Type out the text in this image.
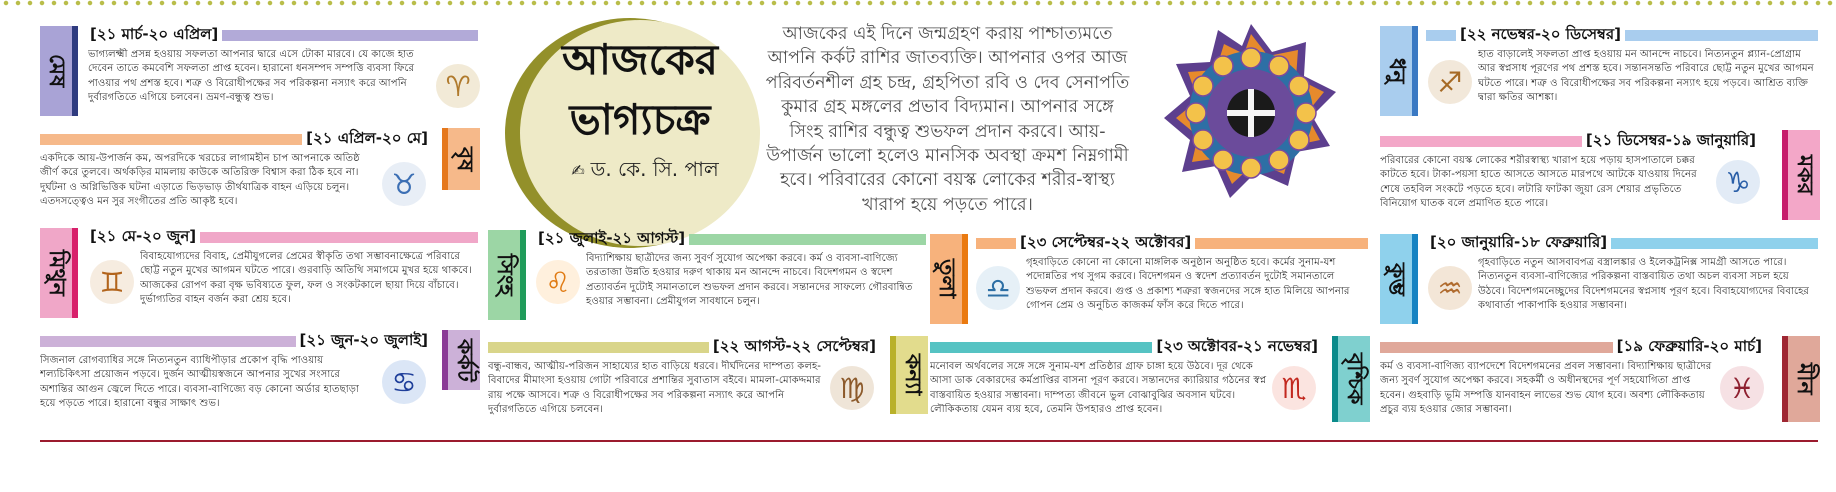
মেষ
[২১ মার্চ-২০ এপ্রিল]
ভাগ্যলক্ষ্মী প্রসন্ন হওয়ায় সফলতা আপনার দ্বারে এসে টোকা মারবে। যে কাজে হাত দেবেন তাতে কমবেশি সফলতা প্রাপ্ত হবেন। হারানো ধনসম্পদ সম্পত্তি ব্যবসা ফিরে পাওয়ার পথ প্রশস্ত হবে। শত্রু ও বিরোধীপক্ষের সব পরিকল্পনা নস্যাৎ করে আপনি দুর্বারগতিতে এগিয়ে চলবেন। ভ্রমণ-বন্ধুত্ব শুভ।	♈
[২১ এপ্রিল-২০ মে]
বৃষ
একদিকে আয়-উপার্জন কম, অপরদিকে খরচের লাগামহীন চাপ আপনাকে অতিষ্ঠ জীর্ণ করে তুলবে। অর্থকড়ির মামলায় কাউকে অতিরিক্ত বিশ্বাস করা ঠিক হবে না। দুর্ঘটনা ও অগ্নিভিত্তিক ঘটনা এড়াতে ভিড়ভাড় তীর্থযাত্রিক বাহন এড়িয়ে চলুন। এতদসত্ত্বেও মন সুর সংগীতের প্রতি আকৃষ্ট হবে।
♉
মিথুন
[২১ মে-২০ জুন]
♊
বিবাহযোগ্যদের বিবাহ, প্রেমীযুগলের প্রেমের স্বীকৃতি তথা সম্ভাবনাক্ষেত্রে পরিবারে ছোট্ট নতুন মুখের আগমন ঘটতে পারে। গুরবাড়ি অতিথি সমাগমে মুখর হয়ে থাকবে। আজকের রোপণ করা বৃক্ষ ভবিষ্যতে ফুল, ফল ও সংকটকালে ছায়া দিয়ে বাঁচাবে। দুর্ভাগ্যতির বাহন বর্জন করা শ্রেয় হবে।
[২১ জুন-২০ জুলাই]	কর্কট
সিজনাল রোগব্যাধির সঙ্গে নিত্যনতুন ব্যাধিপীড়ার প্রকোপ বৃদ্ধি পাওয়ায় শল্যচিকিৎসা প্রয়োজন পড়বে। দুর্জন আত্মীয়স্বজনে আপনার সুখের সংসারে অশান্তির আগুন জ্বেলে দিতে পারে। ব্যবসা-বাণিজ্যে বড় কোনো অর্ডার হাতছাড়া হয়ে পড়তে পারে। হারানো বন্ধুর সাক্ষাৎ শুভ।
♋
আজকের
ভাগ্যচক্র
✍ ড. কে. সি. পাল
আজকের এই দিনে জন্মগ্রহণ করায় পাশ্চাত্যমতে আপনি কর্কট রাশির জাতব্যক্তি। আপনার ওপর আজ পরিবর্তনশীল গ্রহ চন্দ্র, গ্রহপিতা রবি ও দেব সেনাপতি কুমার গ্রহ মঙ্গলের প্রভাব বিদ্যমান। আপনার সঙ্গে সিংহ রাশির বন্ধুত্ব শুভফল প্রদান করবে। আয়-উপার্জন ভালো হলেও মানসিক অবস্থা ক্রমশ নিম্নগামী হবে। পরিবারের কোনো বয়স্ক লোকের শরীর-স্বাস্থ্য খারাপ হয়ে পড়তে পারে।
সিংহ
[২১ জুলাই-২১ আগস্ট]
♌
বিদ্যাশিক্ষায় ছাত্রীদের জন্য সুবর্ণ সুযোগ অপেক্ষা করবে। কর্ম ও ব্যবসা-বাণিজ্যে তরতাজা উন্নতি হওয়ার দরুণ থাকায় মন আনন্দে নাচবে। বিদেশগমন ও স্বদেশ প্রত্যাবর্তন দুটোই সমানতালে শুভফল প্রদান করবে। সন্তানদের সাফল্যে গৌরবান্বিত হওয়ার সম্ভাবনা। প্রেমীযুগল সাবধানে চলুন।
[২২ আগস্ট-২২ সেপ্টেম্বর]
কন্যা
বন্ধু-বান্ধব, আত্মীয়-পরিজন সাহায্যের হাত বাড়িয়ে ধরবে। দীর্ঘদিনের দাম্পত্য কলহ-বিবাদের মীমাংসা হওয়ায় গোটা পরিবারে প্রশান্তির সুবাতাস বইবে। মামলা-মোকদ্দমার রায় পক্ষে আসবে। শত্রু ও বিরোধীপক্ষের সব পরিকল্পনা নস্যাৎ করে আপনি দুর্বারগতিতে এগিয়ে চলবেন।
♍
তুলা
[২৩ সেপ্টেম্বর-২২ অক্টোবর]
♎
গৃহবাড়িতে কোনো না কোনো মাঙ্গলিক অনুষ্ঠান অনুষ্ঠিত হবে। কর্মের সুনাম-যশ পদোন্নতির পথ সুগম করবে। বিদেশগমন ও স্বদেশ প্রত্যাবর্তন দুটোই সমানতালে শুভফল প্রদান করবে। গুপ্ত ও প্রকাশ্য শত্রুরা স্বজনদের সঙ্গে হাত মিলিয়ে আপনার গোপন প্রেম ও অনুচিত কাজকর্ম ফাঁস করে দিতে পারে।
[২৩ অক্টোবর-২১ নভেম্বর]
বৃশ্চিক
মনোবল অর্থবলের সঙ্গে সঙ্গে সুনাম-যশ প্রতিষ্ঠার গ্রাফ চাঙ্গা হয়ে উঠবে। দূর থেকে আসা ডাক বেকারদের কর্মপ্রাপ্তির বাসনা পূরণ করবে। সন্তানদের ক্যারিয়ার গঠনের স্বপ্ন বাস্তবায়িত হওয়ার সম্ভাবনা। দাম্পত্য জীবনে ভুল বোঝাবুঝির অবসান ঘটবে। লৌকিকতায় যেমন ব্যয় হবে, তেমনি উপহারও প্রাপ্ত হবেন।
♏
ধনু
[২২ নভেম্বর-২০ ডিসেম্বর]
♐
হাত বাড়ালেই সফলতা প্রাপ্ত হওয়ায় মন আনন্দে নাচবে। নিত্যনতুন প্ল্যান-প্রোগ্রাম আর স্বপ্নসাধ পূরণের পথ প্রশস্ত হবে। সন্তানসন্ততি পরিবারে ছোট্ট নতুন মুখের আগমন ঘটতে পারে। শত্রু ও বিরোধীপক্ষের সব পরিকল্পনা নস্যাৎ হয়ে পড়বে। আশ্রিত ব্যক্তি দ্বারা ক্ষতির আশঙ্কা।
[২১ ডিসেম্বর-১৯ জানুয়ারি]
মকর
পরিবারের কোনো বয়স্ক লোকের শরীরস্বাস্থ্য খারাপ হয়ে পড়ায় হাসপাতালে চক্কর কাটতে হবে। টাকা-পয়সা হাতে আসতে আসতে মারপথে আটকে যাওয়ায় দিনের শেষে তহবিল সংকটে পড়তে হবে। লটারি ফাটকা জুয়া রেস শেয়ার প্রভৃতিতে বিনিয়োগ ঘাতক বলে প্রমাণিত হতে পারে।
♑
কুম্ভ
[২০ জানুয়ারি-১৮ ফেব্রুয়ারি]
♒
গৃহবাড়িতে নতুন আসবাবপত্র বস্ত্রালঙ্কার ও ইলেকট্রনিক্স সামগ্রী আসতে পারে। নিত্যনতুন ব্যবসা-বাণিজ্যের পরিকল্পনা বাস্তবায়িত তথা অচল ব্যবসা সচল হয়ে উঠবে। বিদেশগমনেচ্ছুদের বিদেশগমনের স্বপ্নসাধ পূরণ হবে। বিবাহযোগ্যদের বিবাহের কথাবার্তা পাকাপাকি হওয়ার সম্ভাবনা।
[১৯ ফেব্রুয়ারি-২০ মার্চ]
মীন
কর্ম ও ব্যবসা-বাণিজ্য ব্যাপদেশে বিদেশগমনের প্রবল সম্ভাবনা। বিদ্যাশিক্ষায় ছাত্রীদের জন্য সুবর্ণ সুযোগ অপেক্ষা করবে। সহকর্মী ও অধীনস্থদের পূর্ণ সহযোগিতা প্রাপ্ত হবেন। গুহবাড়ি ভূমি সম্পত্তি যানবাহন লাভের শুভ যোগ হবে। অবশ্য লৌকিকতায় প্রচুর ব্যয় হওয়ার জোর সম্ভাবনা।
♓
